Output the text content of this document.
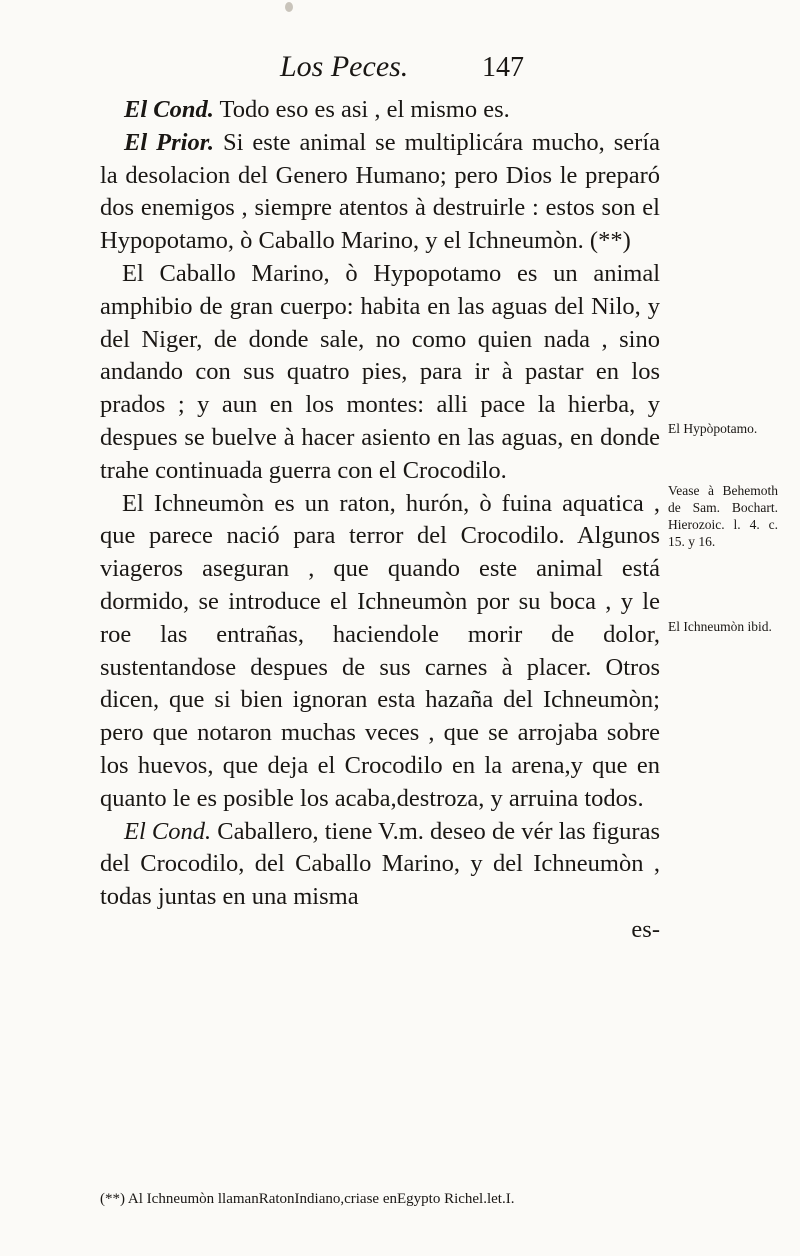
Los Peces.	147

El Cond. Todo eso es asi , el mismo es.

El Prior. Si este animal se multiplicára mucho, sería la desolacion del Genero Humano; pero Dios le preparó dos enemigos , siempre atentos à destruirle : estos son el Hypopotamo, ò Caballo Marino, y el Ichneumòn. (**)

El Caballo Marino, ò Hypopotamo es un animal amphibio de gran cuerpo: habita en las aguas del Nilo, y del Niger, de donde sale, no como quien nada , sino andando con sus quatro pies, para ir à pastar en los prados ; y aun en los montes: alli pace la hierba, y despues se buelve à hacer asiento en las aguas, en donde trahe continuada guerra con el Crocodilo.

El Ichneumòn es un raton, hurón, ò fuina aquatica , que parece nació para terror del Crocodilo. Algunos viageros aseguran , que quando este animal está dormido, se introduce el Ichneumòn por su boca , y le roe las entrañas, haciendole morir de dolor, sustentandose despues de sus carnes à placer. Otros dicen, que si bien ignoran esta hazaña del Ichneumòn; pero que notaron muchas veces , que se arrojaba sobre los huevos, que deja el Crocodilo en la arena,y que en quanto le es posible los acaba,destroza, y arruina todos.

El Cond. Caballero, tiene V.m. deseo de vér las figuras del Crocodilo, del Caballo Marino, y del Ichneumòn , todas juntas en una misma

es-

El Hypòpotamo.
Vease à Behemoth de Sam. Bochart. Hierozoic. l. 4. c. 15. y 16.
El Ichneumòn ibid.
(**) Al Ichneumòn llamanRatonIndiano,criase enEgypto Richel.let.I.
